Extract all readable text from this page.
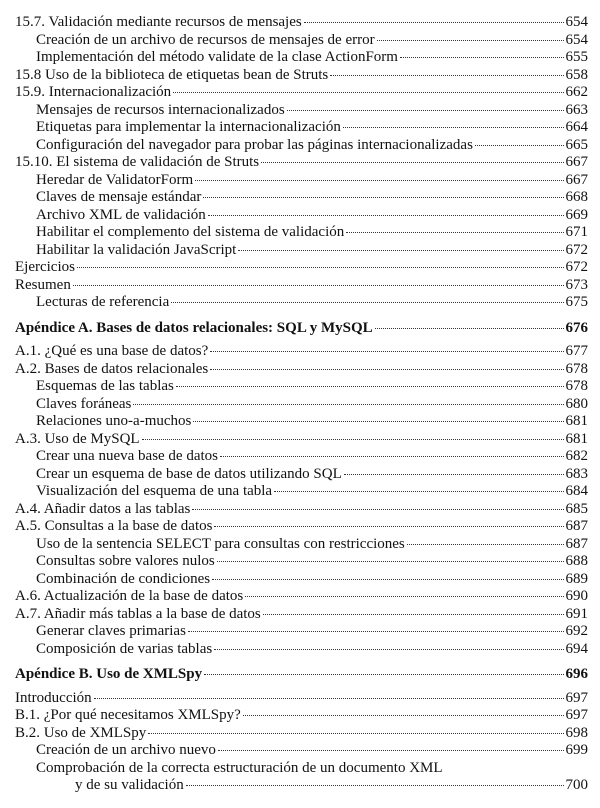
15.7. Validación mediante recursos de mensajes	654
Creación de un archivo de recursos de mensajes de error	654
Implementación del método validate de la clase ActionForm	655
15.8 Uso de la biblioteca de etiquetas bean de Struts	658
15.9. Internacionalización	662
Mensajes de recursos internacionalizados	663
Etiquetas para implementar la internacionalización	664
Configuración del navegador para probar las páginas internacionalizadas	665
15.10. El sistema de validación de Struts	667
Heredar de ValidatorForm	667
Claves de mensaje estándar	668
Archivo XML de validación	669
Habilitar el complemento del sistema de validación	671
Habilitar la validación JavaScript	672
Ejercicios	672
Resumen	673
Lecturas de referencia	675
Apéndice A. Bases de datos relacionales: SQL y MySQL	676
A.1. ¿Qué es una base de datos?	677
A.2. Bases de datos relacionales	678
Esquemas de las tablas	678
Claves foráneas	680
Relaciones uno-a-muchos	681
A.3. Uso de MySQL	681
Crear una nueva base de datos	682
Crear un esquema de base de datos utilizando SQL	683
Visualización del esquema de una tabla	684
A.4. Añadir datos a las tablas	685
A.5. Consultas a la base de datos	687
Uso de la sentencia SELECT para consultas con restricciones	687
Consultas sobre valores nulos	688
Combinación de condiciones	689
A.6. Actualización de la base de datos	690
A.7. Añadir más tablas a la base de datos	691
Generar claves primarias	692
Composición de varias tablas	694
Apéndice B. Uso de XMLSpy	696
Introducción	697
B.1. ¿Por qué necesitamos XMLSpy?	697
B.2. Uso de XMLSpy	698
Creación de un archivo nuevo	699
Comprobación de la correcta estructuración de un documento XML
y de su validación	700
